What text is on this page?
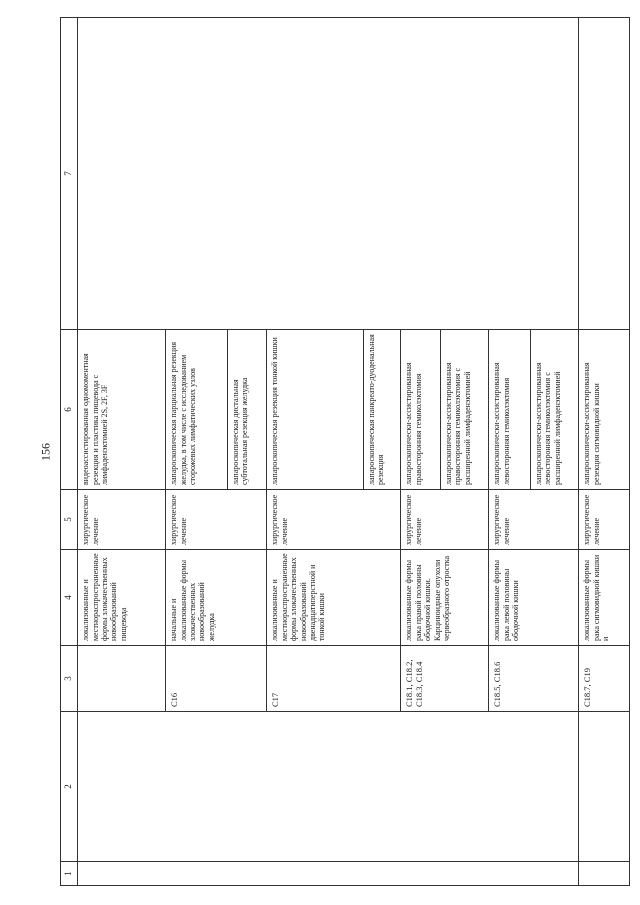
156
1	2	3	4	5	6	7
			локализованные и местнораспространенные формы злокачественных новообразований пищевода	хирургическое лечение	видеоассистированная одномоментная резекция и пластика пищевода с лимфаденэктомией 2S, 2F, 3F	
		C16	начальные и локализованные формы злокачественных новообразований желудка	хирургическое лечение	лапароскопическая парциальная резекция желудка, в том числе с исследованием сторожевых лимфатических узлов	
					лапароскопическая дистальная субтотальная резекция желудка	
		C17	локализованные и местнораспространенные формы злокачественных новообразований двенадцатиперстной и тонкой кишки	хирургическое лечение	лапароскопическая резекция тонкой кишки	
					лапароскопическая панкреато-дуоденальная резекция	
		C18.1, C18.2, C18.3, C18.4	локализованные формы рака правой половины ободочной кишки. Карциноидные опухоли червеобразного отростка	хирургическое лечение	лапароскопически-ассистированная правосторонняя гемиколэктомия	
					лапароскопически-ассистированная правосторонняя гемиколэктомия с расширенной лимфаденэктомией	
		C18.5, C18.6	локализованные формы рака левой половины ободочной кишки	хирургическое лечение	лапароскопически-ассистированная левосторонняя гемиколэктомия	
					лапароскопически-ассистированная левосторонняя гемиколэктомия с расширенной лимфаденэктомией	
		C18.7, C19	локализованные формы рака сигмовидной кишки и	хирургическое лечение	лапароскопически-ассистированная резекция сигмовидной кишки	
